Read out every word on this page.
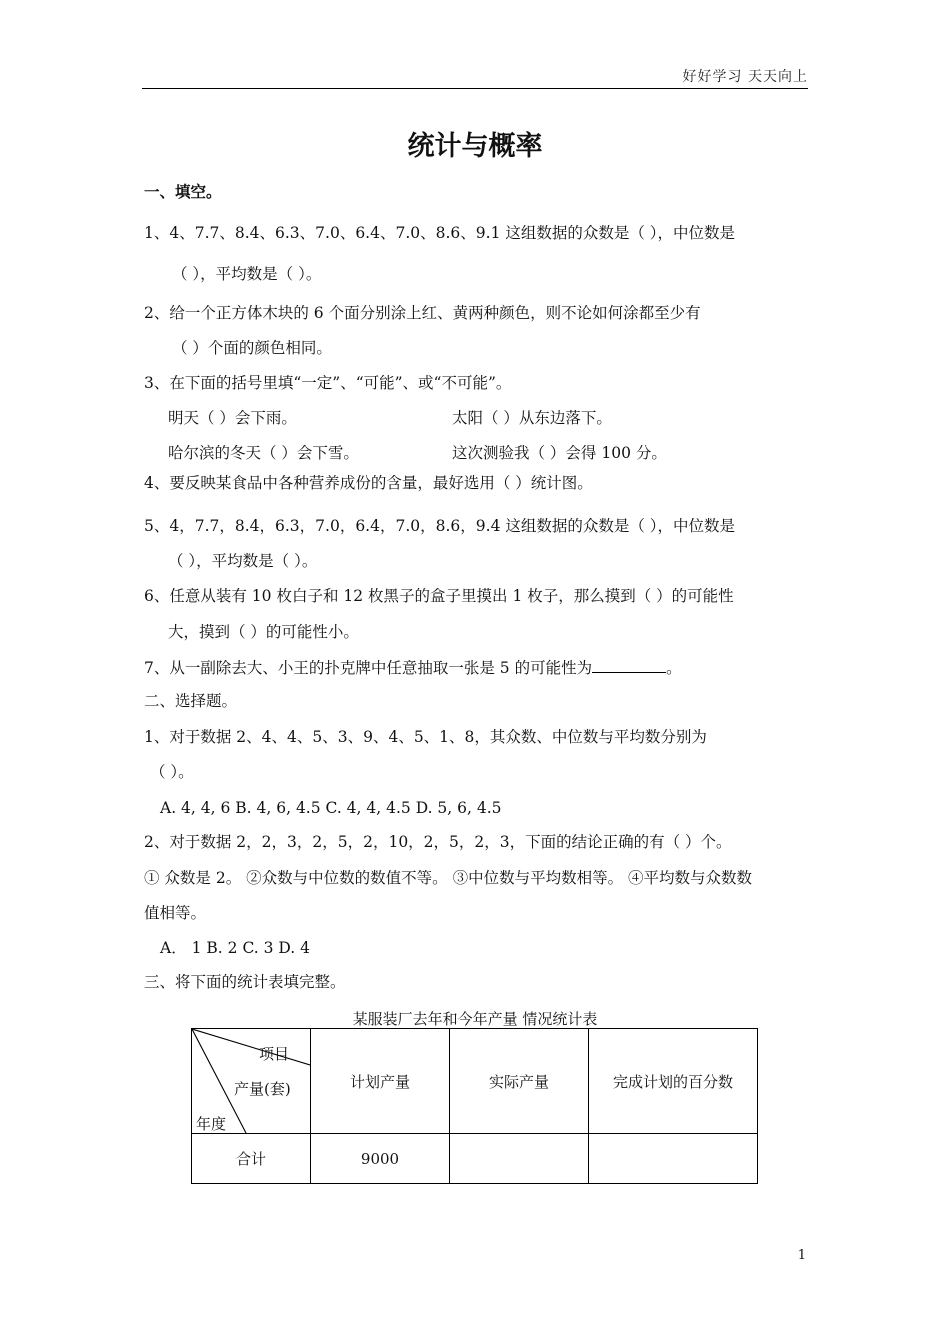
好好学习 天天向上
统计与概率
一、填空。
1、4、7.7、8.4、6.3、7.0、6.4、7.0、8.6、9.1 这组数据的众数是（ ），中位数是
（ ），平均数是（ ）。
2、给一个正方体木块的 6 个面分别涂上红、黄两种颜色，则不论如何涂都至少有
（ ）个面的颜色相同。
3、在下面的括号里填“一定”、“可能”、或“不可能”。
明天（ ）会下雨。	太阳（ ）从东边落下。
哈尔滨的冬天（ ）会下雪。	这次测验我（ ）会得 100 分。
4、要反映某食品中各种营养成份的含量，最好选用（ ）统计图。
5、4，7.7，8.4，6.3，7.0，6.4，7.0，8.6，9.4 这组数据的众数是（ ），中位数是
（ ），平均数是（ ）。
6、任意从装有 10 枚白子和 12 枚黑子的盒子里摸出 1 枚子，那么摸到（ ）的可能性
大，摸到（ ）的可能性小。
7、从一副除去大、小王的扑克牌中任意抽取一张是 5 的可能性为	。
二、选择题。
1、对于数据 2、4、4、5、3、9、4、5、1、8，其众数、中位数与平均数分别为
（ ）。
A. 4, 4, 6 B. 4, 6, 4.5 C. 4, 4, 4.5 D. 5, 6, 4.5
2、对于数据 2，2，3，2，5，2，10，2，5，2，3，下面的结论正确的有（ ）个。
① 众数是 2。 ②众数与中位数的数值不等。 ③中位数与平均数相等。 ④平均数与众数数
值相等。
A． 1 B. 2 C. 3 D. 4
三、将下面的统计表填完整。
某服装厂去年和今年产量 情况统计表
项目
产量(套)
年度	计划产量	实际产量	完成计划的百分数
合计	9000		
1
